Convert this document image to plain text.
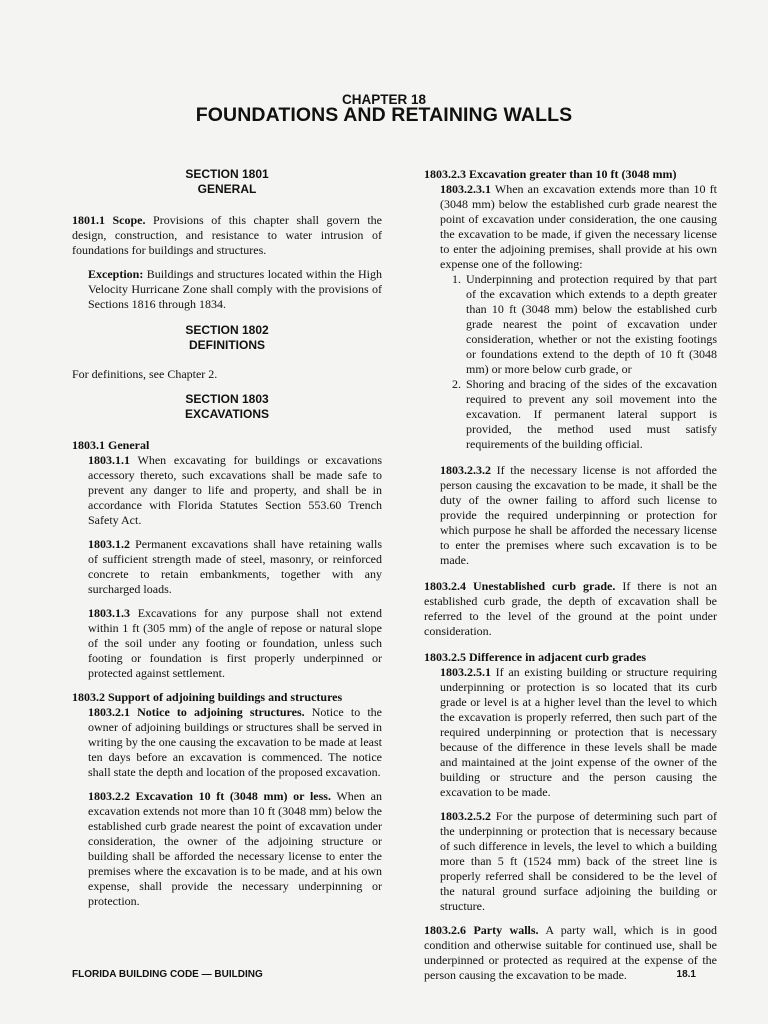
CHAPTER 18
FOUNDATIONS AND RETAINING WALLS
SECTION 1801
GENERAL

1801.1 Scope. Provisions of this chapter shall govern the design, construction, and resistance to water intrusion of foundations for buildings and structures.

Exception: Buildings and structures located within the High Velocity Hurricane Zone shall comply with the provisions of Sections 1816 through 1834.

SECTION 1802
DEFINITIONS

For definitions, see Chapter 2.

SECTION 1803
EXCAVATIONS

1803.1 General

1803.1.1 When excavating for buildings or excavations accessory thereto, such excavations shall be made safe to prevent any danger to life and property, and shall be in accordance with Florida Statutes Section 553.60 Trench Safety Act.

1803.1.2 Permanent excavations shall have retaining walls of sufficient strength made of steel, masonry, or reinforced concrete to retain embankments, together with any surcharged loads.

1803.1.3 Excavations for any purpose shall not extend within 1 ft (305 mm) of the angle of repose or natural slope of the soil under any footing or foundation, unless such footing or foundation is first properly underpinned or protected against settlement.

1803.2 Support of adjoining buildings and structures

1803.2.1 Notice to adjoining structures. Notice to the owner of adjoining buildings or structures shall be served in writing by the one causing the excavation to be made at least ten days before an excavation is commenced. The notice shall state the depth and location of the proposed excavation.

1803.2.2 Excavation 10 ft (3048 mm) or less. When an excavation extends not more than 10 ft (3048 mm) below the established curb grade nearest the point of excavation under consideration, the owner of the adjoining structure or building shall be afforded the necessary license to enter the premises where the excavation is to be made, and at his own expense, shall provide the necessary underpinning or protection.

1803.2.3 Excavation greater than 10 ft (3048 mm)

1803.2.3.1 When an excavation extends more than 10 ft (3048 mm) below the established curb grade nearest the point of excavation under consideration, the one causing the excavation to be made, if given the necessary license to enter the adjoining premises, shall provide at his own expense one of the following:

1. Underpinning and protection required by that part of the excavation which extends to a depth greater than 10 ft (3048 mm) below the established curb grade nearest the point of excavation under consideration, whether or not the existing footings or foundations extend to the depth of 10 ft (3048 mm) or more below curb grade, or
2. Shoring and bracing of the sides of the excavation required to prevent any soil movement into the excavation. If permanent lateral support is provided, the method used must satisfy requirements of the building official.

1803.2.3.2 If the necessary license is not afforded the person causing the excavation to be made, it shall be the duty of the owner failing to afford such license to provide the required underpinning or protection for which purpose he shall be afforded the necessary license to enter the premises where such excavation is to be made.

1803.2.4 Unestablished curb grade. If there is not an established curb grade, the depth of excavation shall be referred to the level of the ground at the point under consideration.

1803.2.5 Difference in adjacent curb grades

1803.2.5.1 If an existing building or structure requiring underpinning or protection is so located that its curb grade or level is at a higher level than the level to which the excavation is properly referred, then such part of the required underpinning or protection that is necessary because of the difference in these levels shall be made and maintained at the joint expense of the owner of the building or structure and the person causing the excavation to be made.

1803.2.5.2 For the purpose of determining such part of the underpinning or protection that is necessary because of such difference in levels, the level to which a building more than 5 ft (1524 mm) back of the street line is properly referred shall be considered to be the level of the natural ground surface adjoining the building or structure.

1803.2.6 Party walls. A party wall, which is in good condition and otherwise suitable for continued use, shall be underpinned or protected as required at the expense of the person causing the excavation to be made.

FLORIDA BUILDING CODE — BUILDING	18.1
